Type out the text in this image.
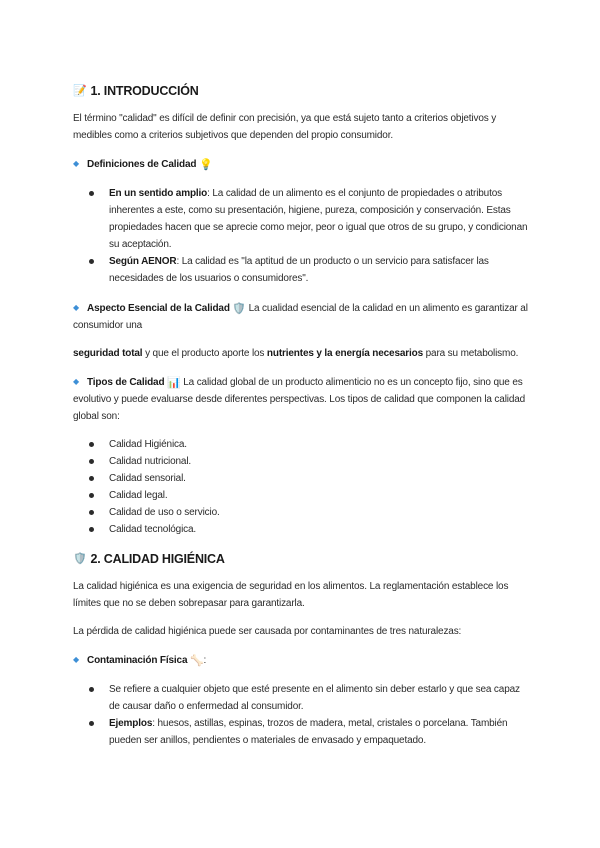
📝 1. INTRODUCCIÓN

El término "calidad" es difícil de definir con precisión, ya que está sujeto tanto a criterios objetivos y medibles como a criterios subjetivos que dependen del propio consumidor.

◆ Definiciones de Calidad 💡

En un sentido amplio: La calidad de un alimento es el conjunto de propiedades o atributos inherentes a este, como su presentación, higiene, pureza, composición y conservación. Estas propiedades hacen que se aprecie como mejor, peor o igual que otros de su grupo, y condicionan su aceptación.
Según AENOR: La calidad es "la aptitud de un producto o un servicio para satisfacer las necesidades de los usuarios o consumidores".

◆ Aspecto Esencial de la Calidad 🛡️ La cualidad esencial de la calidad en un alimento es garantizar al consumidor una

seguridad total y que el producto aporte los nutrientes y la energía necesarios para su metabolismo.

◆ Tipos de Calidad 📊 La calidad global de un producto alimenticio no es un concepto fijo, sino que es evolutivo y puede evaluarse desde diferentes perspectivas. Los tipos de calidad que componen la calidad global son:

Calidad Higiénica.
Calidad nutricional.
Calidad sensorial.
Calidad legal.
Calidad de uso o servicio.
Calidad tecnológica.
🛡️ 2. CALIDAD HIGIÉNICA

La calidad higiénica es una exigencia de seguridad en los alimentos. La reglamentación establece los límites que no se deben sobrepasar para garantizarla.

La pérdida de calidad higiénica puede ser causada por contaminantes de tres naturalezas:

◆ Contaminación Física 🦴:

Se refiere a cualquier objeto que esté presente en el alimento sin deber estarlo y que sea capaz de causar daño o enfermedad al consumidor.
Ejemplos: huesos, astillas, espinas, trozos de madera, metal, cristales o porcelana. También pueden ser anillos, pendientes o materiales de envasado y empaquetado.
